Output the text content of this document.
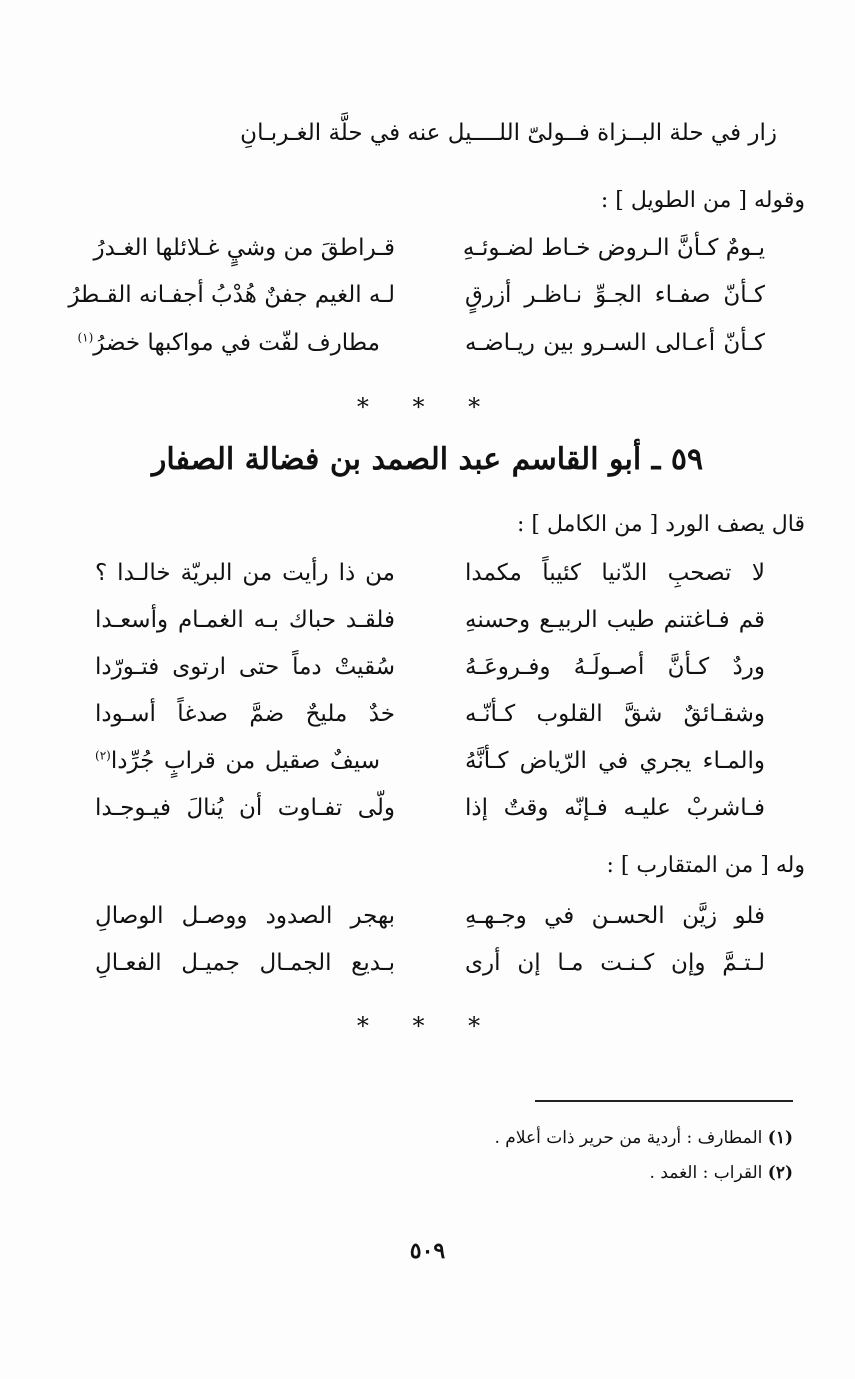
زار في حلة البــزاة فــولىّ اللــــيل عنه في حلَّة الغـربـانِ
وقوله [ من الطويل ] :
يـومٌ كـأنَّ الـروض خـاط لضـوئـهِ
قـراطقَ من وشيٍ غـلائلها الغـدرُ
كـأنّ صفـاء الجـوِّ نـاظـر أزرقٍ
لـه الغيم جفنٌ هُدْبُ أجفـانه القـطرُ
كـأنّ أعـالى السـرو بين ريـاضـه
مطارف لفّت في مواكبها خضرُ$^{(١)}$
* * *
٥٩ ـ أبو القاسم عبد الصمد بن فضالة الصفار
قال يصف الورد [ من الكامل ] :
لا تصحبِ الدّنيا كئيباً مكمدا
من ذا رأيت من البريّة خالـدا ؟
قم فـاغتنم طيب الربيـع وحسنهِ
فلقـد حباك بـه الغمـام وأسعـدا
وردٌ كـأنَّ أصـولَـهُ وفـروعَـهُ
سُقيتْ دماً حتى ارتوى فتـورّدا
وشقـائقٌ شقَّ القلوب كـأنّـه
خدٌ مليحٌ ضمَّ صدغاً أسـودا
والمـاء يجري في الرّياض كـأنَّهُ
سيفٌ صقيل من قرابٍ جُرِّدا$^{(٢)}$
فـاشربْ عليـه فـإنّه وقتٌ إذا
ولّى تفـاوت أن يُنالَ فيـوجـدا
وله [ من المتقارب ] :
فلو زيَّن الحسـن في وجـهـهِ
بهجر الصدود ووصـل الوصالِ
لـتـمَّ وإن كـنـت مـا إن أرى
بـديع الجمـال جميـل الفعـالِ
* * *
(١) المطارف : أردية من حرير ذات أعلام .
(٢) القراب : الغمد .
٥٠٩
